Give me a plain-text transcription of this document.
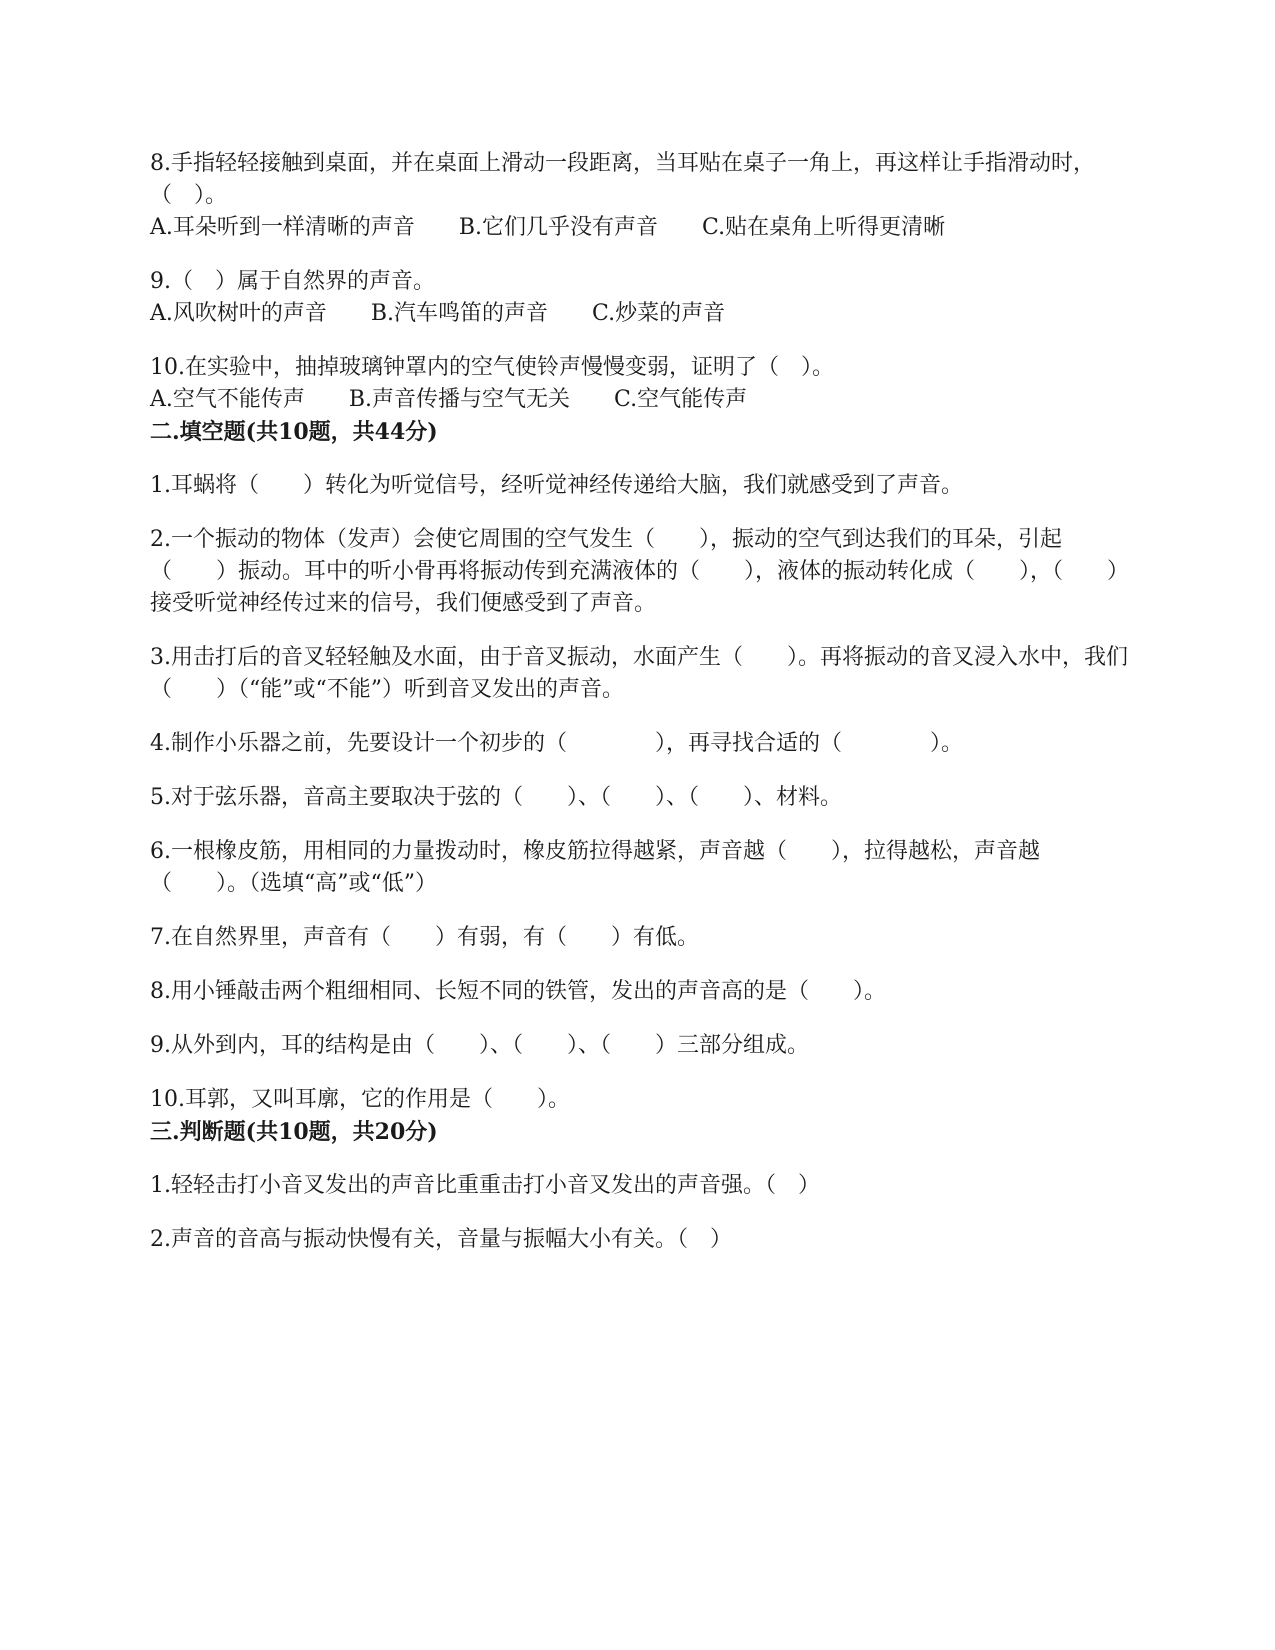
8.手指轻轻接触到桌面，并在桌面上滑动一段距离，当耳贴在桌子一角上，再这样让手指滑动时，（　）。

A.耳朵听到一样清晰的声音　　B.它们几乎没有声音　　C.贴在桌角上听得更清晰

9.（　）属于自然界的声音。

A.风吹树叶的声音　　B.汽车鸣笛的声音　　C.炒菜的声音

10.在实验中，抽掉玻璃钟罩内的空气使铃声慢慢变弱，证明了（　）。

A.空气不能传声　　B.声音传播与空气无关　　C.空气能传声

二.填空题(共10题，共44分)

1.耳蜗将（　　）转化为听觉信号，经听觉神经传递给大脑，我们就感受到了声音。

2.一个振动的物体（发声）会使它周围的空气发生（　　），振动的空气到达我们的耳朵，引起（　　）振动。耳中的听小骨再将振动传到充满液体的（　　），液体的振动转化成（　　），（　　）接受听觉神经传过来的信号，我们便感受到了声音。

3.用击打后的音叉轻轻触及水面，由于音叉振动，水面产生（　　）。再将振动的音叉浸入水中，我们（　　）（“能”或“不能”）听到音叉发出的声音。

4.制作小乐器之前，先要设计一个初步的（　　　　），再寻找合适的（　　　　）。

5.对于弦乐器，音高主要取决于弦的（　　）、（　　）、（　　）、材料。

6.一根橡皮筋，用相同的力量拨动时，橡皮筋拉得越紧，声音越（　　），拉得越松，声音越（　　）。（选填“高”或“低”）

7.在自然界里，声音有（　　）有弱，有（　　）有低。

8.用小锤敲击两个粗细相同、长短不同的铁管，发出的声音高的是（　　）。

9.从外到内，耳的结构是由（　　）、（　　）、（　　）三部分组成。

10.耳郭，又叫耳廓，它的作用是（　　）。

三.判断题(共10题，共20分)

1.轻轻击打小音叉发出的声音比重重击打小音叉发出的声音强。（　）

2.声音的音高与振动快慢有关，音量与振幅大小有关。（　）
